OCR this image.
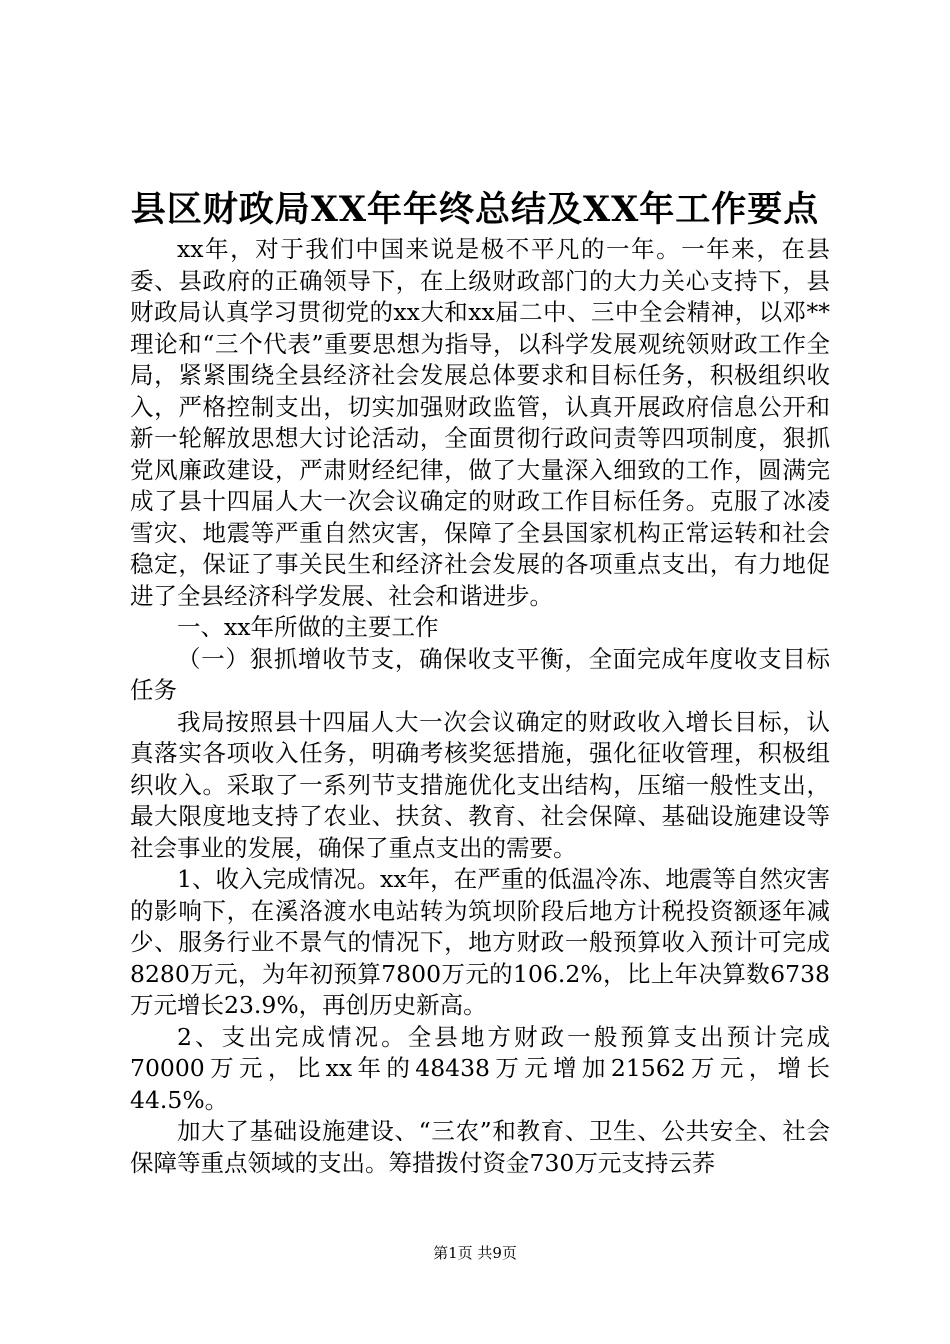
县区财政局XX年年终总结及XX年工作要点

xx年，对于我们中国来说是极不平凡的一年。一年来，在县委、县政府的正确领导下，在上级财政部门的大力关心支持下，县财政局认真学习贯彻党的xx大和xx届二中、三中全会精神，以邓**理论和“三个代表”重要思想为指导，以科学发展观统领财政工作全局，紧紧围绕全县经济社会发展总体要求和目标任务，积极组织收入，严格控制支出，切实加强财政监管，认真开展政府信息公开和新一轮解放思想大讨论活动，全面贯彻行政问责等四项制度，狠抓党风廉政建设，严肃财经纪律，做了大量深入细致的工作，圆满完成了县十四届人大一次会议确定的财政工作目标任务。克服了冰凌雪灾、地震等严重自然灾害，保障了全县国家机构正常运转和社会稳定，保证了事关民生和经济社会发展的各项重点支出，有力地促进了全县经济科学发展、社会和谐进步。

一、xx年所做的主要工作

（一）狠抓增收节支，确保收支平衡，全面完成年度收支目标任务

我局按照县十四届人大一次会议确定的财政收入增长目标，认真落实各项收入任务，明确考核奖惩措施，强化征收管理，积极组织收入。采取了一系列节支措施优化支出结构，压缩一般性支出，最大限度地支持了农业、扶贫、教育、社会保障、基础设施建设等社会事业的发展，确保了重点支出的需要。

1、收入完成情况。xx年，在严重的低温冷冻、地震等自然灾害的影响下，在溪洛渡水电站转为筑坝阶段后地方计税投资额逐年减少、服务行业不景气的情况下，地方财政一般预算收入预计可完成8280万元，为年初预算7800万元的106.2%，比上年决算数6738万元增长23.9%，再创历史新高。

2、支出完成情况。全县地方财政一般预算支出预计完成70000万元，比xx年的48438万元增加21562万元，增长44.5%。

加大了基础设施建设、“三农”和教育、卫生、公共安全、社会保障等重点领域的支出。筹措拨付资金730万元支持云荞

第1页 共9页
